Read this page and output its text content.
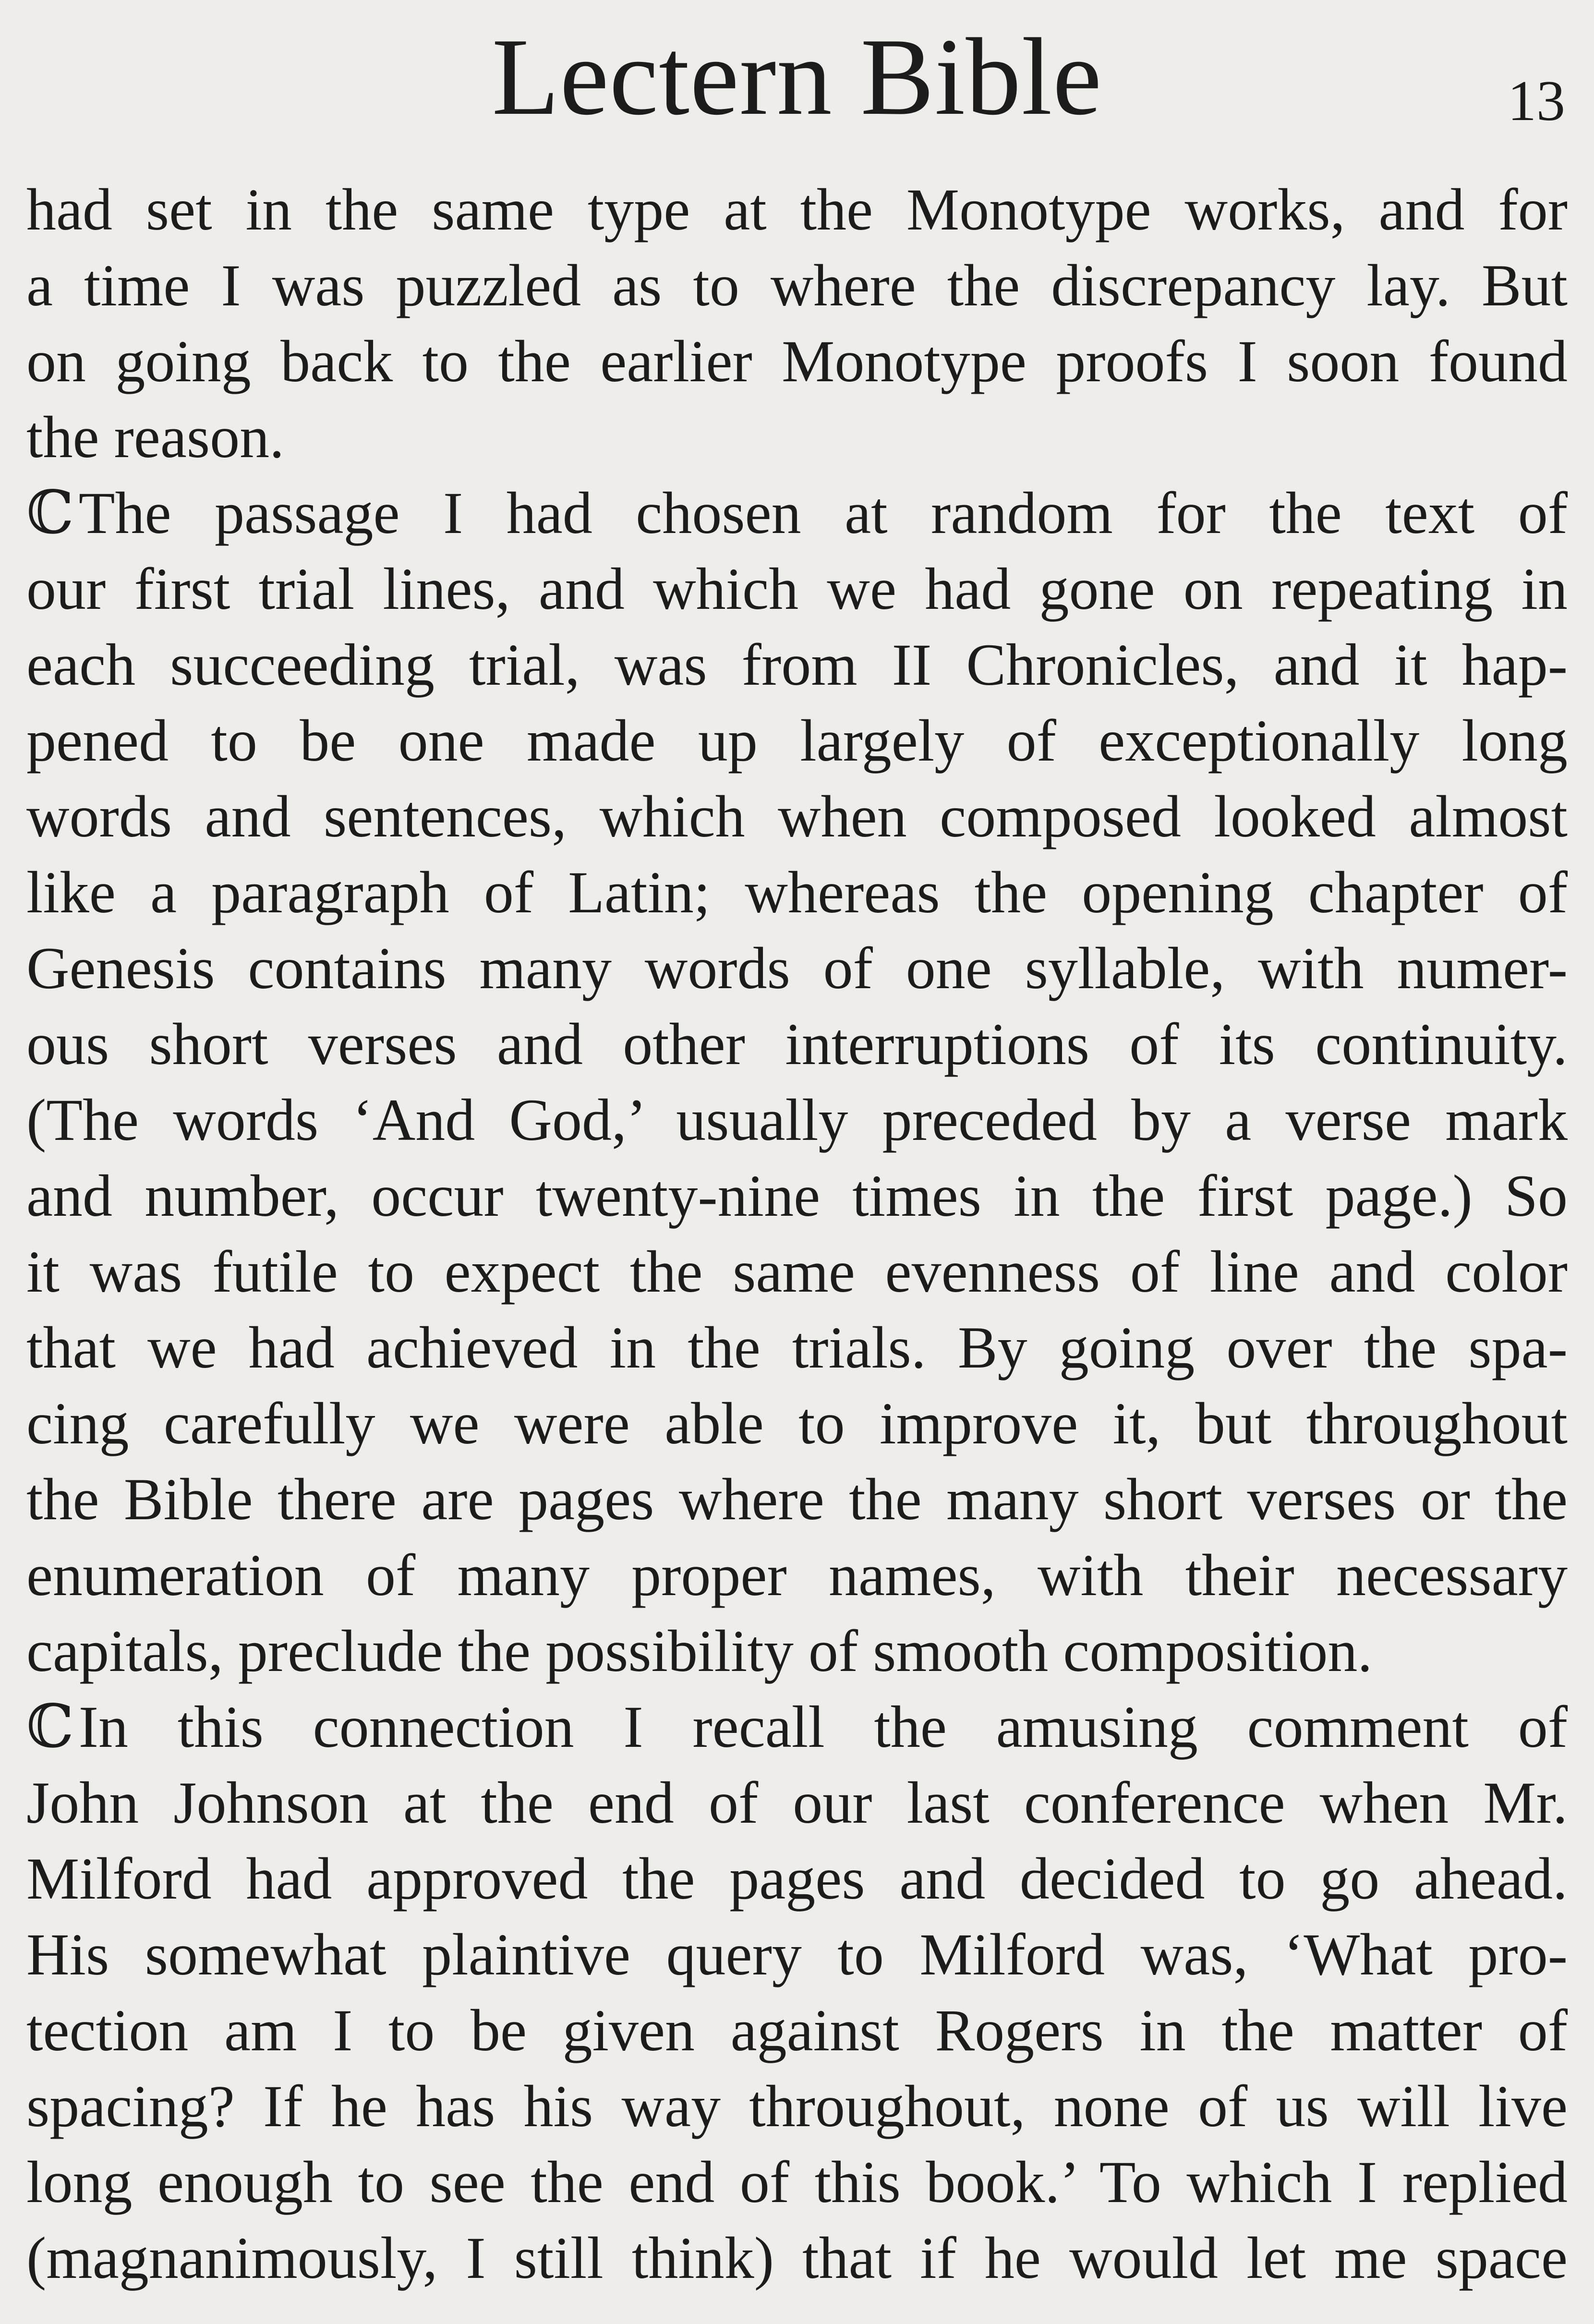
Lectern Bible	13
had set in the same type at the Monotype works, and for
a time I was puzzled as to where the discrepancy lay. But
on going back to the earlier Monotype proofs I soon found
the reason.
ℂThe passage I had chosen at random for the text of
our first trial lines, and which we had gone on repeating in
each succeeding trial, was from II Chronicles, and it hap-
pened to be one made up largely of exceptionally long
words and sentences, which when composed looked almost
like a paragraph of Latin; whereas the opening chapter of
Genesis contains many words of one syllable, with numer-
ous short verses and other interruptions of its continuity.
(The words ‘And God,’ usually preceded by a verse mark
and number, occur twenty-nine times in the first page.) So
it was futile to expect the same evenness of line and color
that we had achieved in the trials. By going over the spa-
cing carefully we were able to improve it, but throughout
the Bible there are pages where the many short verses or the
enumeration of many proper names, with their necessary
capitals, preclude the possibility of smooth composition.
ℂIn this connection I recall the amusing comment of
John Johnson at the end of our last conference when Mr.
Milford had approved the pages and decided to go ahead.
His somewhat plaintive query to Milford was, ‘What pro-
tection am I to be given against Rogers in the matter of
spacing? If he has his way throughout, none of us will live
long enough to see the end of this book.’ To which I replied
(magnanimously, I still think) that if he would let me space
